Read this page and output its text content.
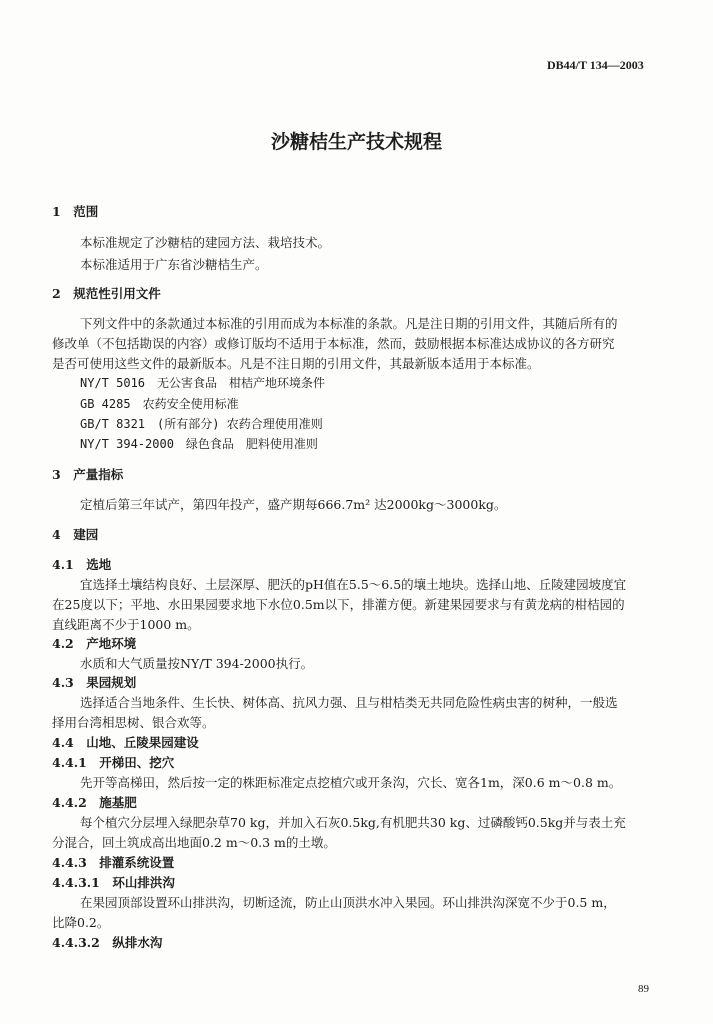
DB44/T 134—2003
沙糖桔生产技术规程
1　范围
本标准规定了沙糖桔的建园方法、栽培技术。
本标准适用于广东省沙糖桔生产。
2　规范性引用文件
下列文件中的条款通过本标准的引用而成为本标准的条款。凡是注日期的引用文件，其随后所有的
修改单（不包括勘误的内容）或修订版均不适用于本标准，然而，鼓励根据本标准达成协议的各方研究
是否可使用这些文件的最新版本。凡是不注日期的引用文件，其最新版本适用于本标准。
NY/T 5016　无公害食品　柑桔产地环境条件
GB 4285　农药安全使用标准
GB/T 8321　(所有部分) 农药合理使用准则
NY/T 394-2000　绿色食品　肥料使用准则
3　产量指标
定植后第三年试产，第四年投产，盛产期每666.7m² 达2000kg～3000kg。
4　建园
4.1　选地
宜选择土壤结构良好、土层深厚、肥沃的pH值在5.5～6.5的壤土地块。选择山地、丘陵建园坡度宜
在25度以下；平地、水田果园要求地下水位0.5m以下，排灌方便。新建果园要求与有黄龙病的柑桔园的
直线距离不少于1000 m。
4.2　产地环境
水质和大气质量按NY/T 394-2000执行。
4.3　果园规划
选择适合当地条件、生长快、树体高、抗风力强、且与柑桔类无共同危险性病虫害的树种，一般选
择用台湾相思树、银合欢等。
4.4　山地、丘陵果园建设
4.4.1　开梯田、挖穴
先开等高梯田，然后按一定的株距标准定点挖植穴或开条沟，穴长、宽各1m，深0.6 m～0.8 m。
4.4.2　施基肥
每个植穴分层埋入绿肥杂草70 kg，并加入石灰0.5kg,有机肥共30 kg、过磷酸钙0.5kg并与表土充
分混合，回土筑成高出地面0.2 m～0.3 m的土墩。
4.4.3　排灌系统设置
4.4.3.1　环山排洪沟
在果园顶部设置环山排洪沟，切断迳流，防止山顶洪水冲入果园。环山排洪沟深宽不少于0.5 m，
比降0.2。
4.4.3.2　纵排水沟
89
